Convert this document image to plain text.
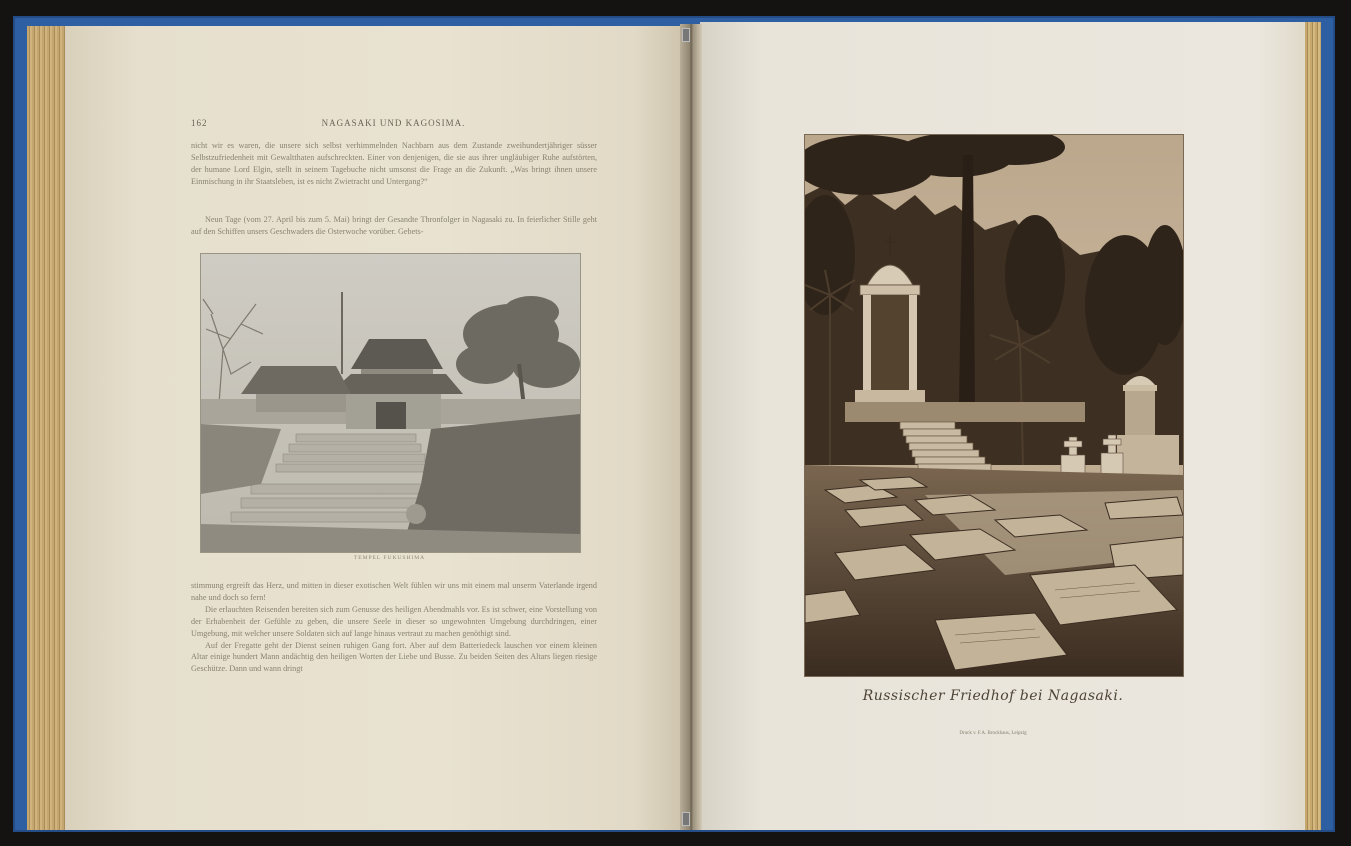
162	NAGASAKI UND KAGOSIMA.

nicht wir es waren, die unsere sich selbst verhimmelnden Nachbarn aus dem Zustande zweihundertjähriger süsser Selbstzufriedenheit mit Gewaltthaten aufschreckten. Einer von denjenigen, die sie aus ihrer ungläubiger Ruhe aufstörten, der humane Lord Elgin, stellt in seinem Tagebuche nicht umsonst die Frage an die Zukunft. „Was bringt ihnen unsere Einmischung in ihr Staatsleben, ist es nicht Zwietracht und Untergang?“

Neun Tage (vom 27. April bis zum 5. Mai) bringt der Gesandte Thronfolger in Nagasaki zu. In feierlicher Stille geht auf den Schiffen unsers Geschwaders die Osterwoche vorüber. Gebets-

TEMPEL FUKUSHIMA

stimmung ergreift das Herz, und mitten in dieser exotischen Welt fühlen wir uns mit einem mal unserm Vaterlande irgend nahe und doch so fern!

Die erlauchten Reisenden bereiten sich zum Genusse des heiligen Abendmahls vor. Es ist schwer, eine Vorstellung von der Erhabenheit der Gefühle zu geben, die unsere Seele in dieser so ungewohnten Umgebung durchdringen, einer Umgebung, mit welcher unsere Soldaten sich auf lange hinaus vertraut zu machen genöthigt sind.

Auf der Fregatte geht der Dienst seinen ruhigen Gang fort. Aber auf dem Batteriedeck lauschen vor einem kleinen Altar einige hundert Mann andächtig den heiligen Worten der Liebe und Busse. Zu beiden Seiten des Altars liegen riesige Geschütze. Dann und wann dringt

Russischer Friedhof bei Nagasaki.
Druck v. F.A. Brockhaus, Leipzig
